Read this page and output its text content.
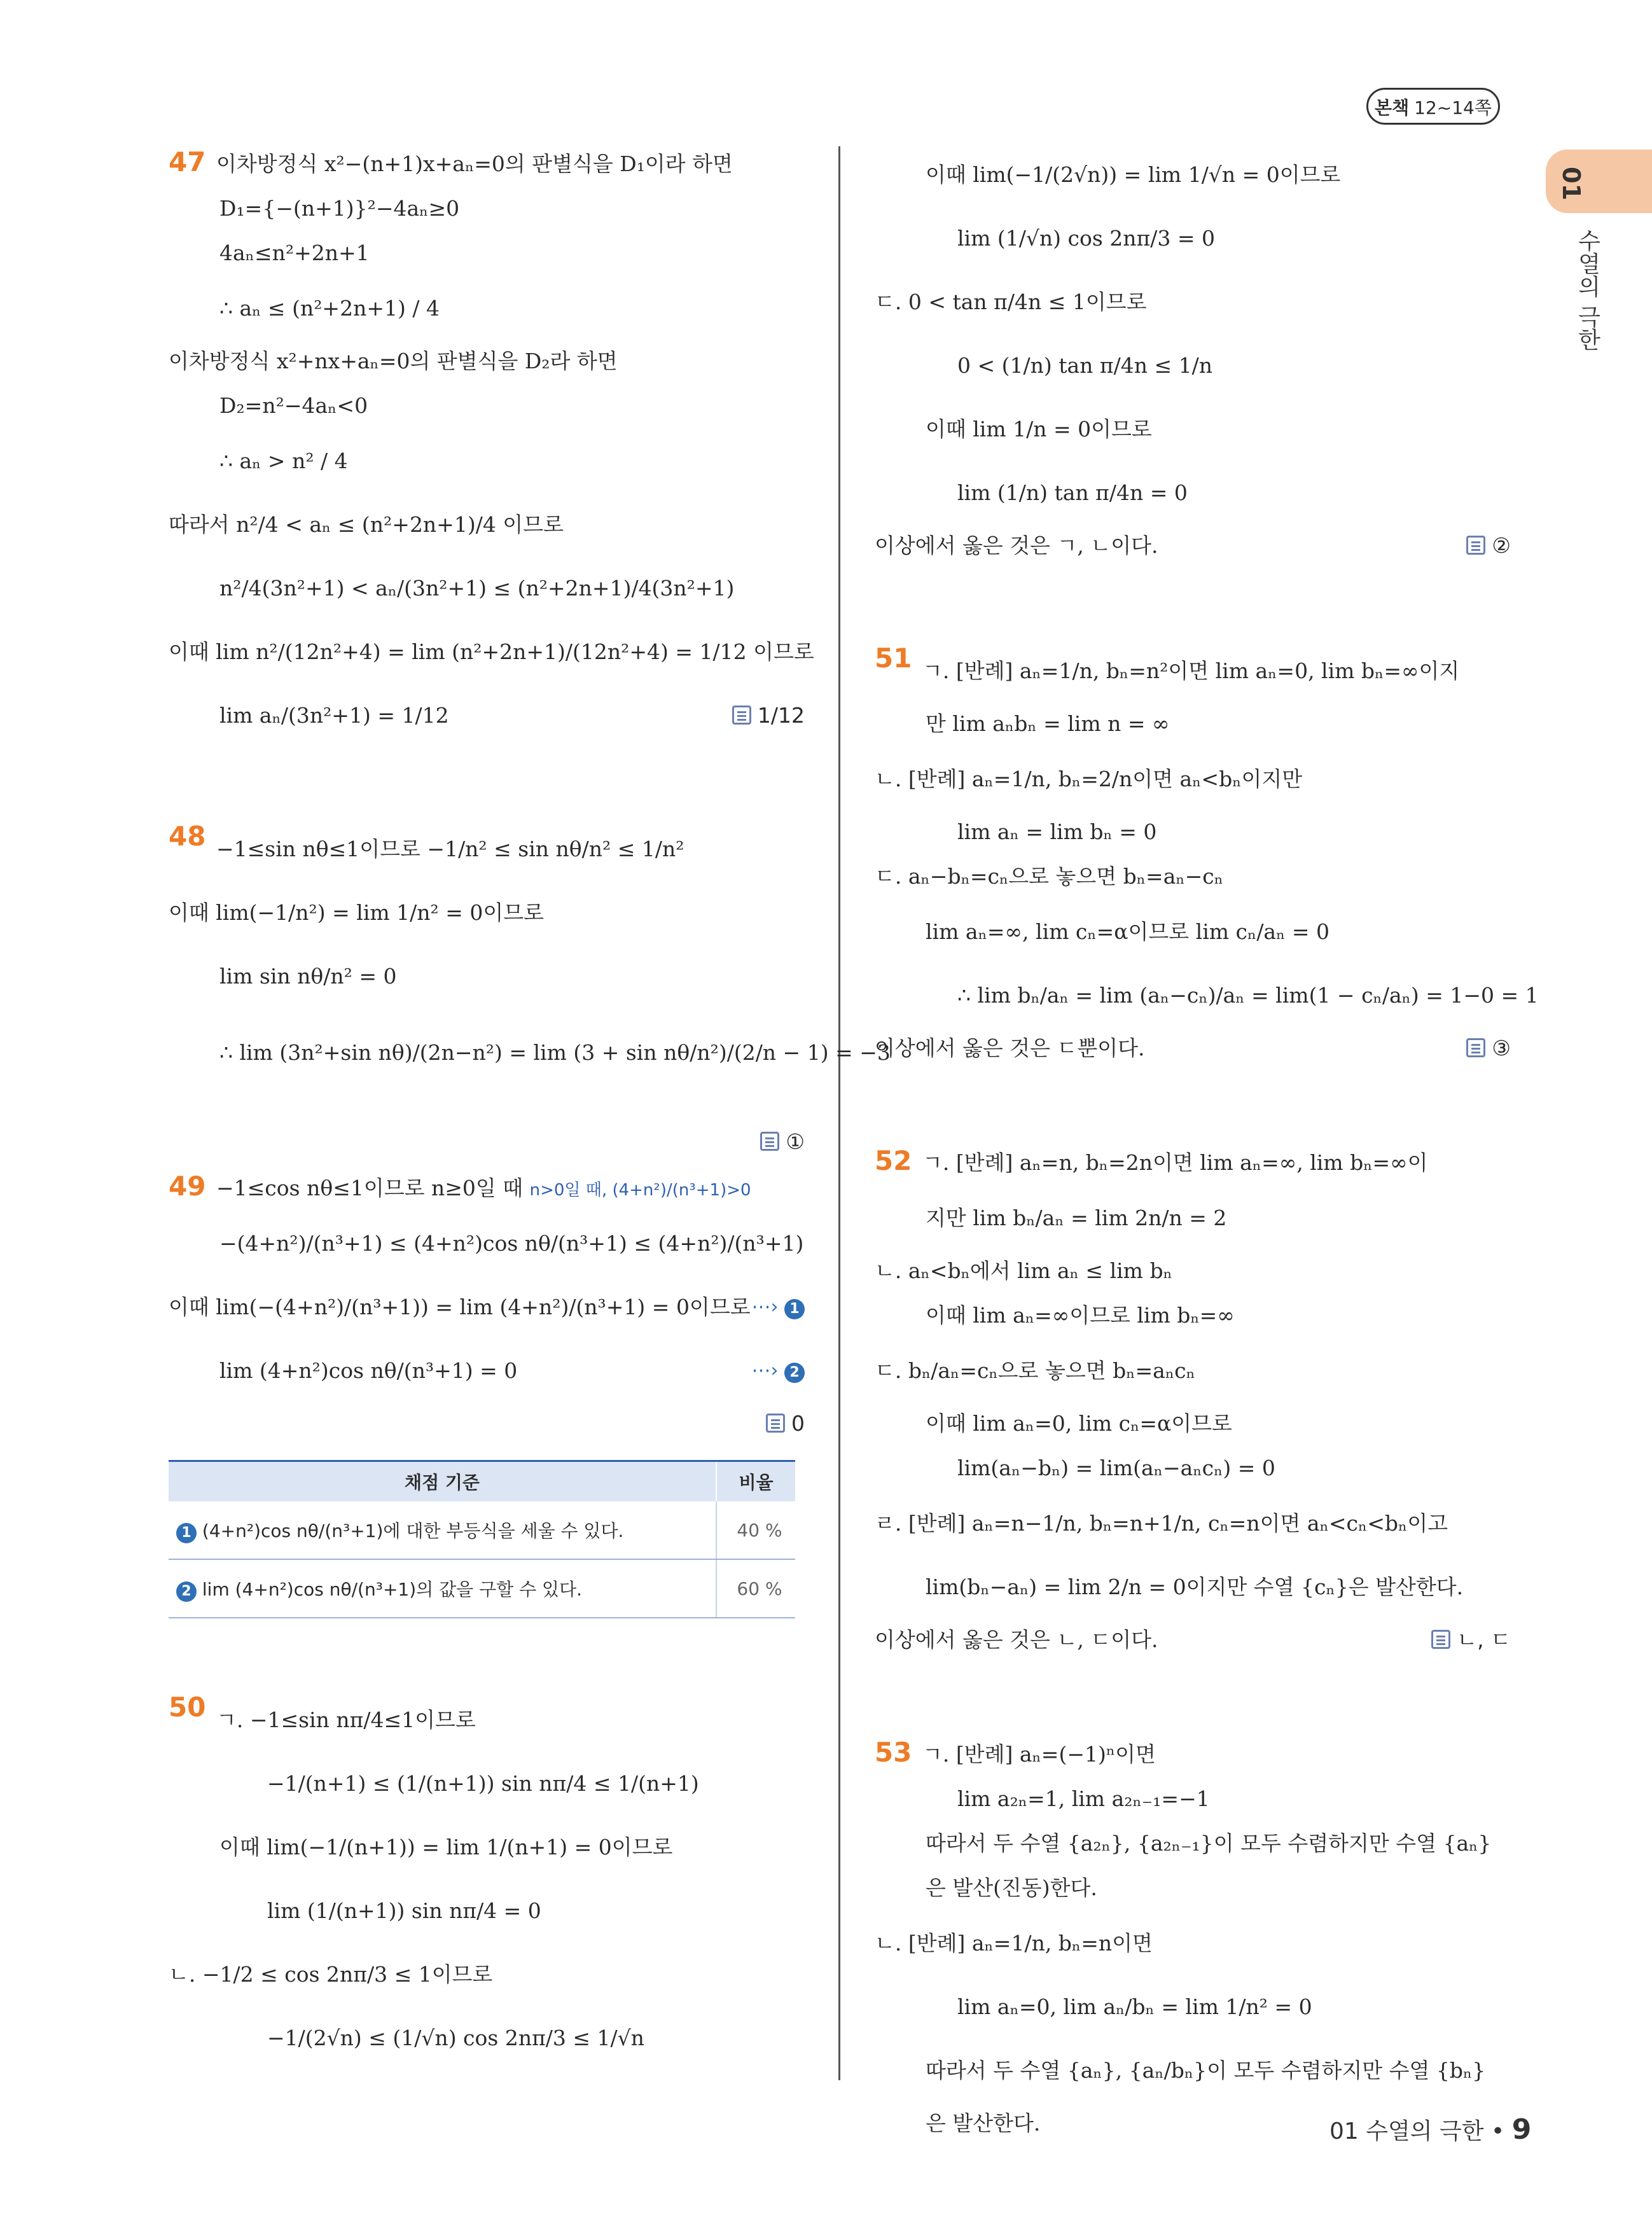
본책 12~14쪽
01
수열의 극한
47 이차방정식 x²−(n+1)x+aₙ=0의 판별식을 D₁이라 하면
D₁={−(n+1)}²−4aₙ≥0
4aₙ≤n²+2n+1
∴ aₙ ≤ (n²+2n+1) / 4
이차방정식 x²+nx+aₙ=0의 판별식을 D₂라 하면
D₂=n²−4aₙ<0
∴ aₙ > n² / 4
따라서 n²/4 < aₙ ≤ (n²+2n+1)/4 이므로
n²/4(3n²+1) < aₙ/(3n²+1) ≤ (n²+2n+1)/4(3n²+1)
이때 lim n²/(12n²+4) = lim (n²+2n+1)/(12n²+4) = 1/12 이므로
lim aₙ/(3n²+1) = 1/12	1/12
48 −1≤sin nθ≤1이므로 −1/n² ≤ sin nθ/n² ≤ 1/n²
이때 lim(−1/n²) = lim 1/n² = 0이므로
lim sin nθ/n² = 0
∴ lim (3n²+sin nθ)/(2n−n²) = lim (3 + sin nθ/n²)/(2/n − 1) = −3
①
49 −1≤cos nθ≤1이므로 n≥0일 때 n>0일 때, (4+n²)/(n³+1)>0
−(4+n²)/(n³+1) ≤ (4+n²)cos nθ/(n³+1) ≤ (4+n²)/(n³+1)
⋯› 1
이때 lim(−(4+n²)/(n³+1)) = lim (4+n²)/(n³+1) = 0이므로
lim (4+n²)cos nθ/(n³+1) = 0	⋯› 2
0
채점 기준	비율
1 (4+n²)cos nθ/(n³+1)에 대한 부등식을 세울 수 있다.	40 %
2 lim (4+n²)cos nθ/(n³+1)의 값을 구할 수 있다.	60 %
50 ㄱ. −1≤sin nπ/4≤1이므로
−1/(n+1) ≤ (1/(n+1)) sin nπ/4 ≤ 1/(n+1)
이때 lim(−1/(n+1)) = lim 1/(n+1) = 0이므로
lim (1/(n+1)) sin nπ/4 = 0
ㄴ. −1/2 ≤ cos 2nπ/3 ≤ 1이므로
−1/(2√n) ≤ (1/√n) cos 2nπ/3 ≤ 1/√n
이때 lim(−1/(2√n)) = lim 1/√n = 0이므로
lim (1/√n) cos 2nπ/3 = 0
ㄷ. 0 < tan π/4n ≤ 1이므로
0 < (1/n) tan π/4n ≤ 1/n
이때 lim 1/n = 0이므로
lim (1/n) tan π/4n = 0
이상에서 옳은 것은 ㄱ, ㄴ이다.	②
51 ㄱ. [반례] aₙ=1/n, bₙ=n²이면 lim aₙ=0, lim bₙ=∞이지
만 lim aₙbₙ = lim n = ∞
ㄴ. [반례] aₙ=1/n, bₙ=2/n이면 aₙ<bₙ이지만
lim aₙ = lim bₙ = 0
ㄷ. aₙ−bₙ=cₙ으로 놓으면 bₙ=aₙ−cₙ
lim aₙ=∞, lim cₙ=α이므로 lim cₙ/aₙ = 0
∴ lim bₙ/aₙ = lim (aₙ−cₙ)/aₙ = lim(1 − cₙ/aₙ) = 1−0 = 1
이상에서 옳은 것은 ㄷ뿐이다.	③
52 ㄱ. [반례] aₙ=n, bₙ=2n이면 lim aₙ=∞, lim bₙ=∞이
지만 lim bₙ/aₙ = lim 2n/n = 2
ㄴ. aₙ<bₙ에서 lim aₙ ≤ lim bₙ
이때 lim aₙ=∞이므로 lim bₙ=∞
ㄷ. bₙ/aₙ=cₙ으로 놓으면 bₙ=aₙcₙ
이때 lim aₙ=0, lim cₙ=α이므로
lim(aₙ−bₙ) = lim(aₙ−aₙcₙ) = 0
ㄹ. [반례] aₙ=n−1/n, bₙ=n+1/n, cₙ=n이면 aₙ<cₙ<bₙ이고
lim(bₙ−aₙ) = lim 2/n = 0이지만 수열 {cₙ}은 발산한다.
이상에서 옳은 것은 ㄴ, ㄷ이다.	ㄴ, ㄷ
53 ㄱ. [반례] aₙ=(−1)ⁿ이면
lim a₂ₙ=1, lim a₂ₙ₋₁=−1
따라서 두 수열 {a₂ₙ}, {a₂ₙ₋₁}이 모두 수렴하지만 수열 {aₙ}
은 발산(진동)한다.
ㄴ. [반례] aₙ=1/n, bₙ=n이면
lim aₙ=0, lim aₙ/bₙ = lim 1/n² = 0
따라서 두 수열 {aₙ}, {aₙ/bₙ}이 모두 수렴하지만 수열 {bₙ}
은 발산한다.	01 수열의 극한 • 9
